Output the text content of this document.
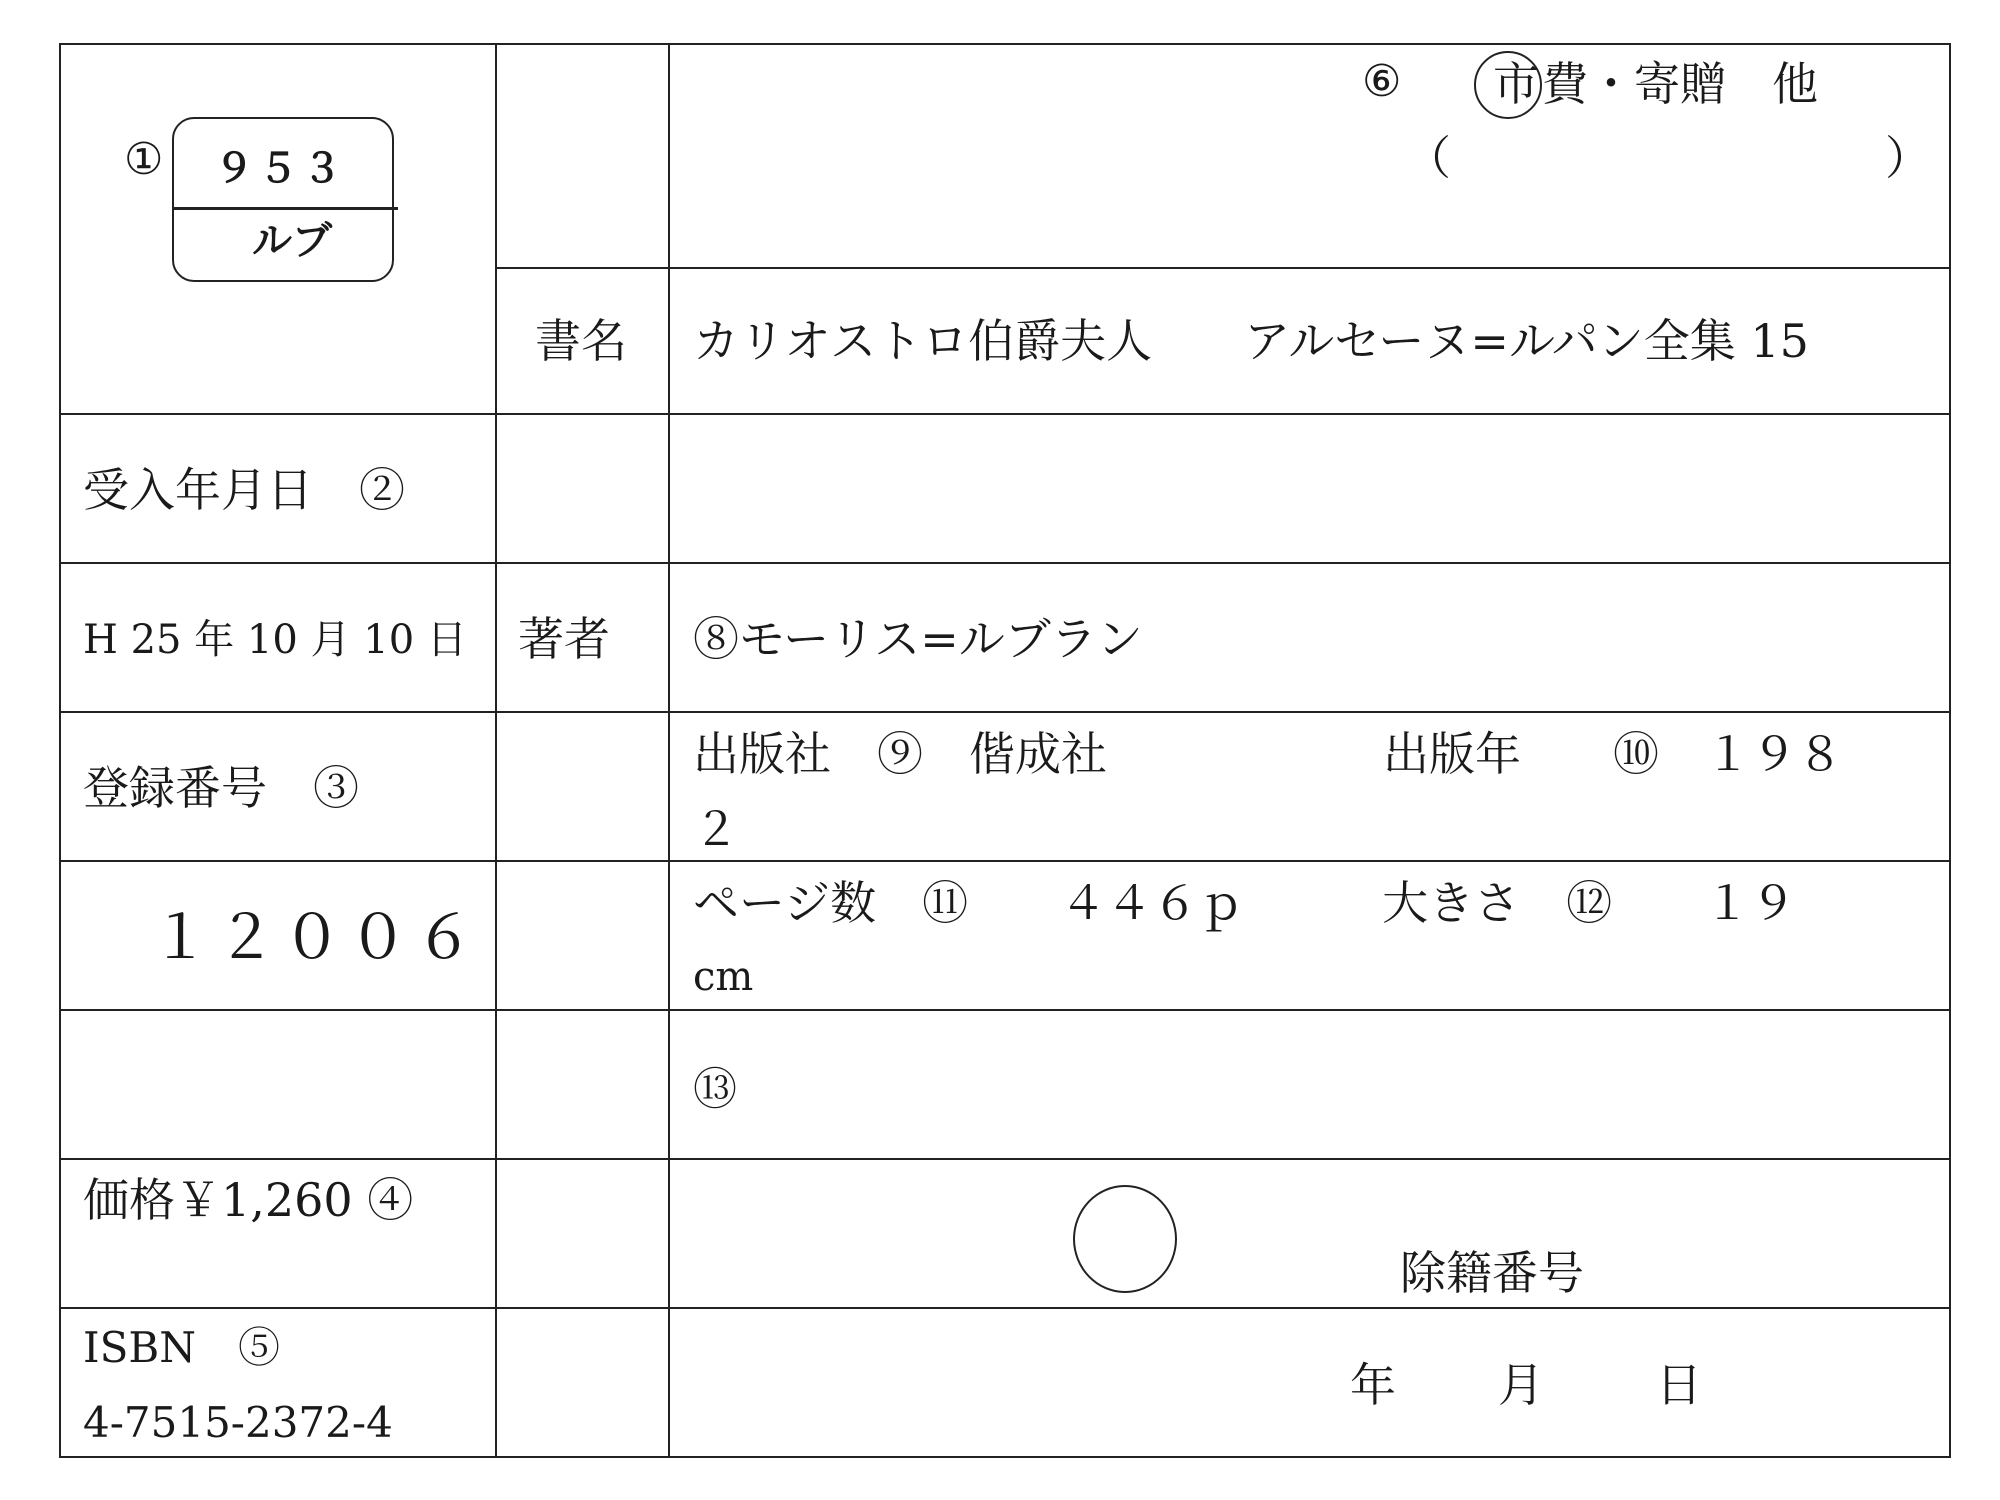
① ９５３
ルブ
⑥ 市 費・寄贈　他
（	）
書名 カリオストロ伯爵夫人　　アルセーヌ=ルパン全集 15
受入年月日　②
H 25 年 10 月 10 日 著者 ⑧モーリス=ルブラン
登録番号　③
１２００６
出版社　⑨　偕成社　　　　　　出版年　　⑩　１９８
２
ページ数　⑪　　４４６ｐ　　　大きさ　⑫　　１９
cm
⑬
価格￥1,260 ④
除籍番号
ISBN　⑤
4-7515-2372-4
年 月 日
